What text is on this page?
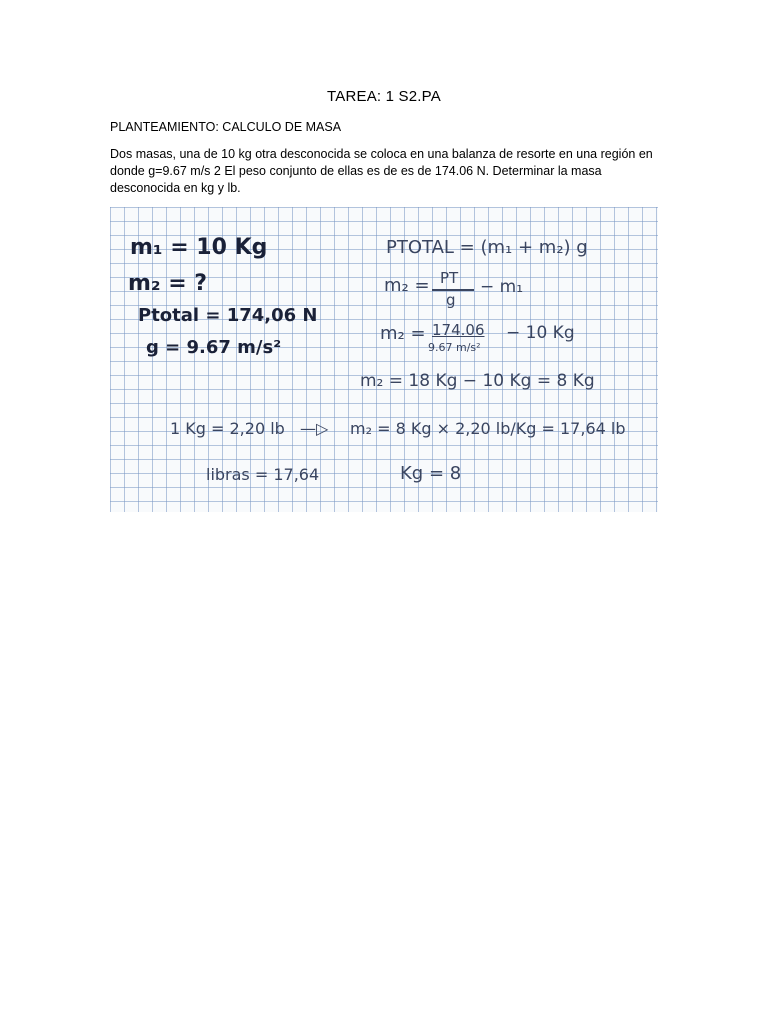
TAREA: 1 S2.PA
PLANTEAMIENTO: CALCULO DE MASA
Dos masas, una de 10 kg otra desconocida se coloca en una balanza de resorte en una región en donde g=9.67 m/s 2 El peso conjunto de ellas es de es de 174.06 N. Determinar la masa desconocida en kg y lb.
m₁ = 10 Kg
m₂ = ?
Ptotal = 174,06 N
g = 9.67 m/s²
PTOTAL = (m₁ + m₂) g
m₂ = PT
g
− m₁
m₂ = 174.06
9.67 m/s²
− 10 Kg
m₂ = 18 Kg − 10 Kg = 8 Kg
1 Kg = 2,20 lb —▷ m₂ = 8 Kg × 2,20 lb/Kg = 17,64 lb
libras = 17,64	Kg = 8
